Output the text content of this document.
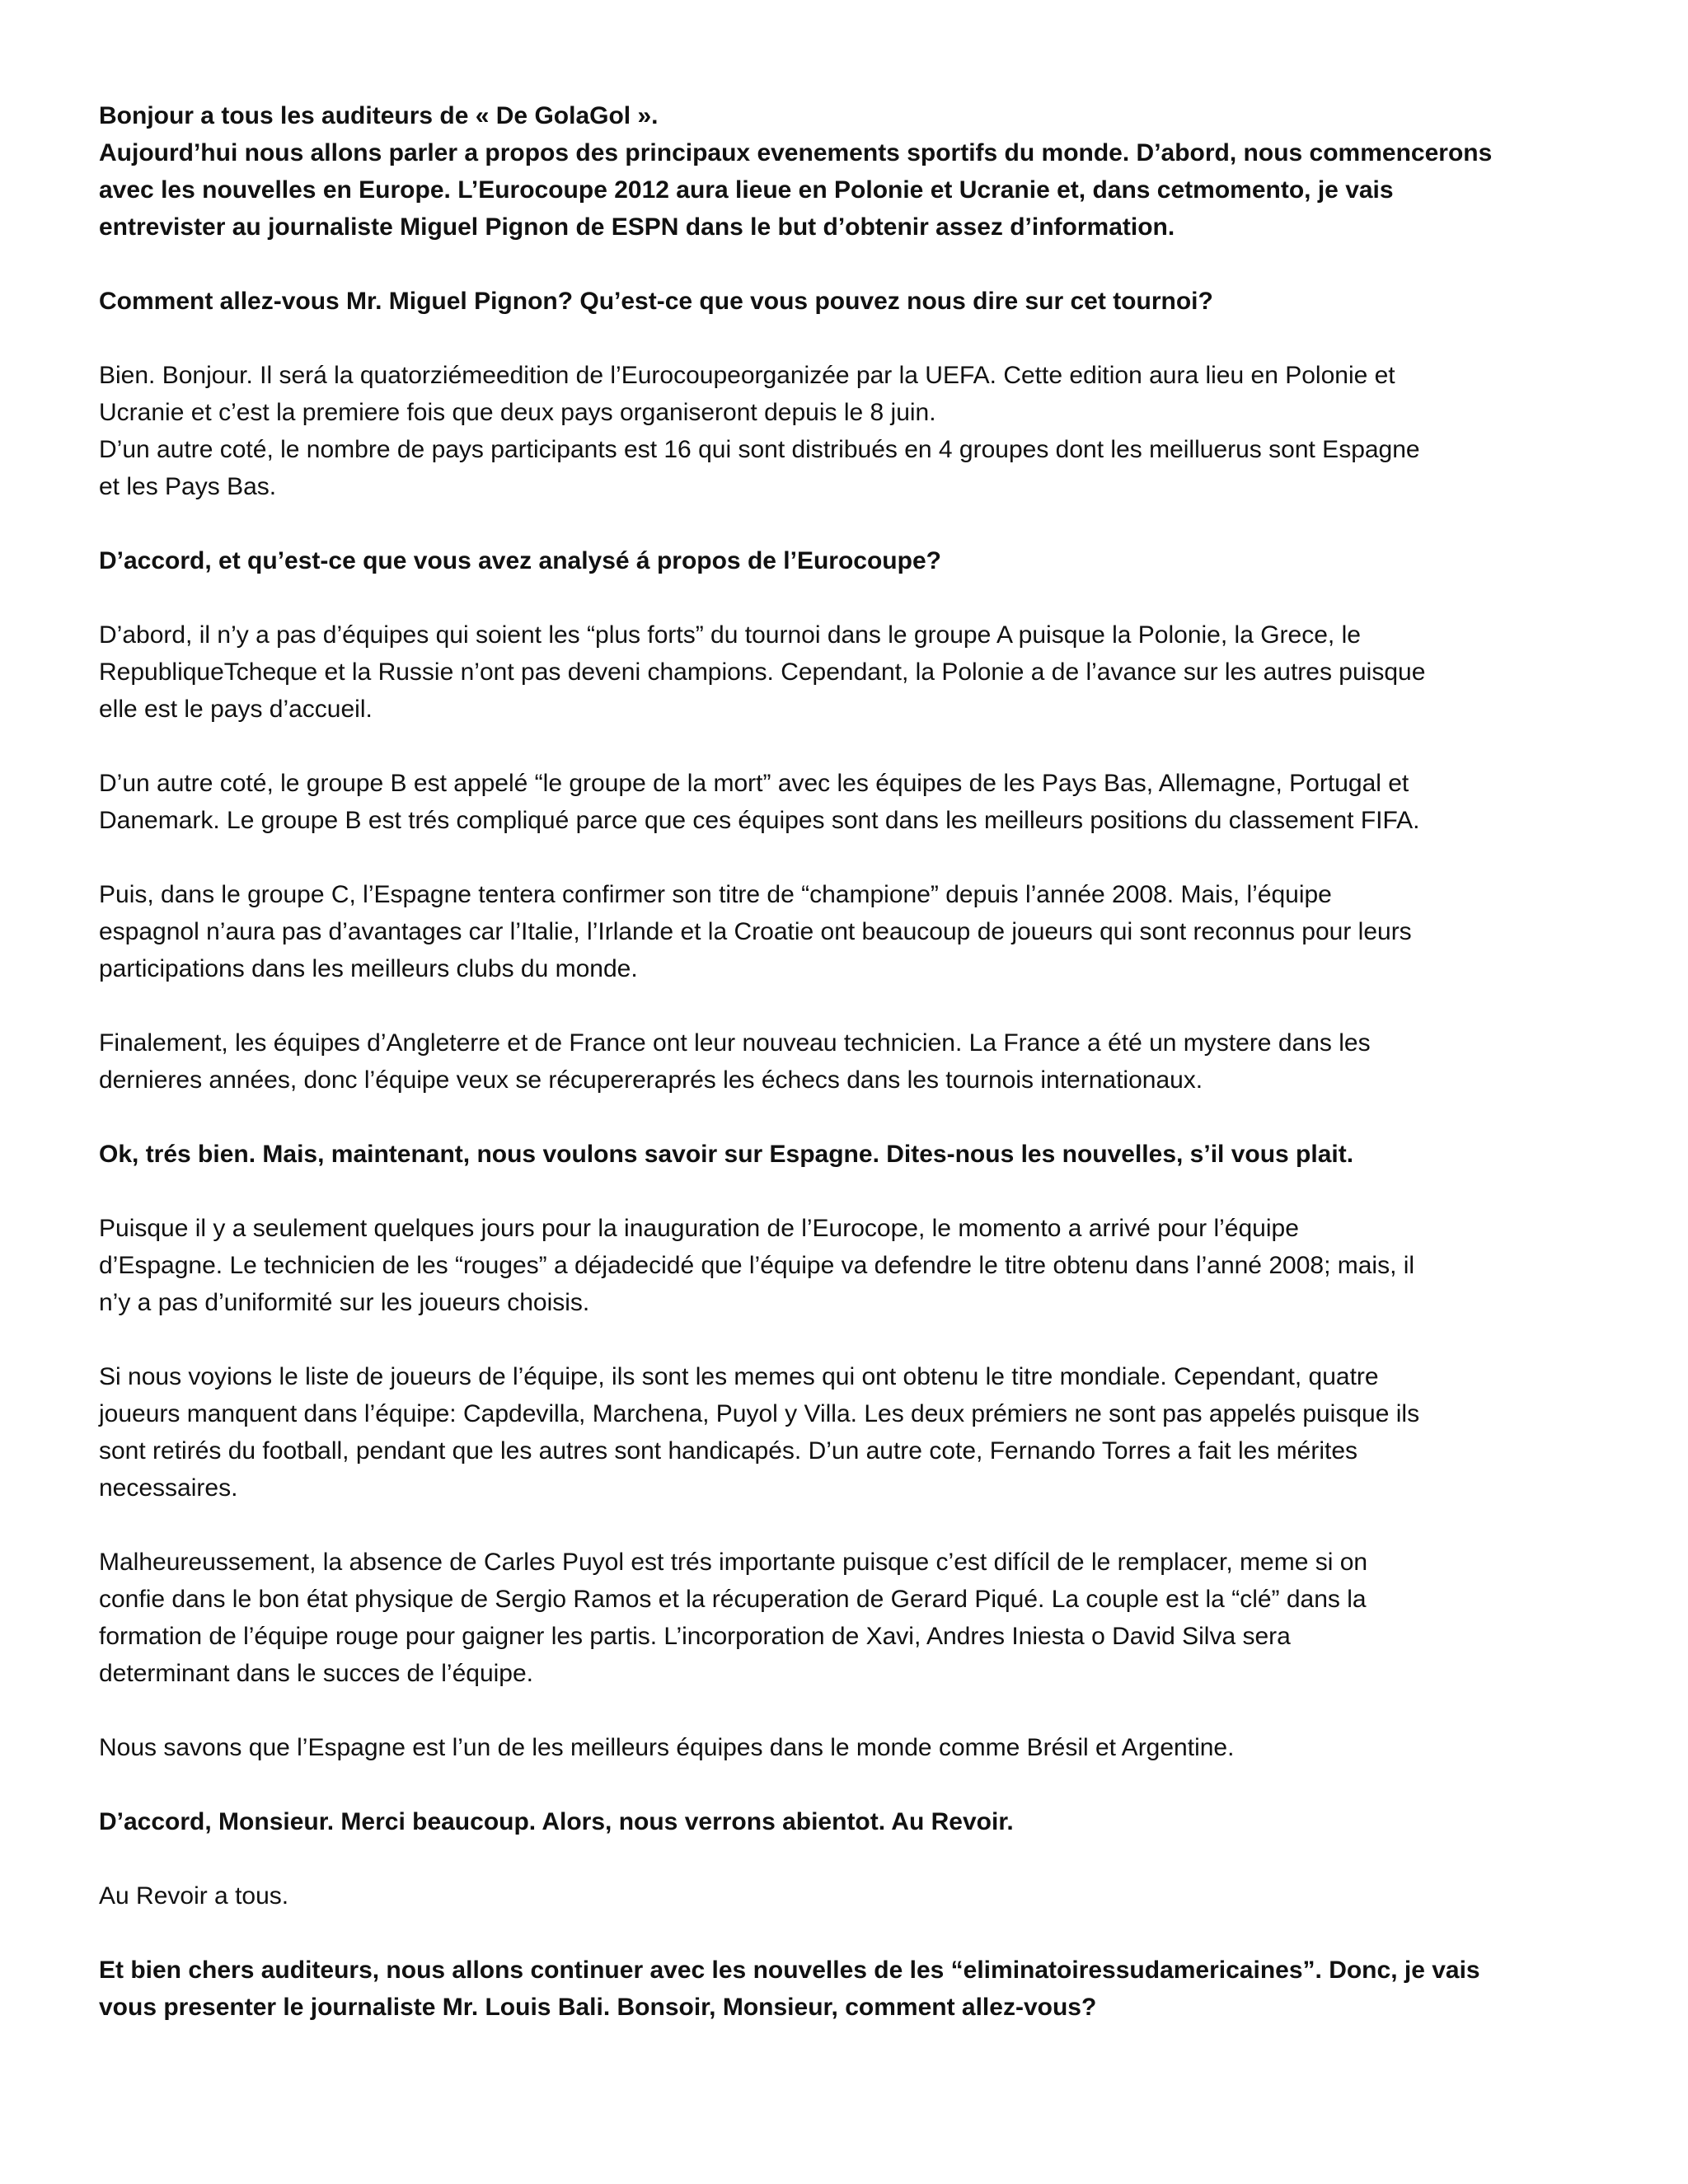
Bonjour a tous les auditeurs de « De GolaGol ».
Aujourd’hui nous allons parler a propos des principaux evenements sportifs du monde. D’abord, nous commencerons
avec les nouvelles en Europe. L’Eurocoupe 2012 aura lieue en Polonie et Ucranie et, dans cetmomento, je vais
entrevister au journaliste Miguel Pignon de ESPN dans le but d’obtenir assez d’information.
Comment allez-vous Mr. Miguel Pignon? Qu’est-ce que vous pouvez nous dire sur cet tournoi?
Bien. Bonjour. Il será la quatorziémeedition de l’Eurocoupeorganizée par la UEFA. Cette edition aura lieu en Polonie et
Ucranie et c’est la premiere fois que deux pays organiseront depuis le 8 juin.
D’un autre coté, le nombre de pays participants est 16 qui sont distribués en 4 groupes dont les meilluerus sont Espagne
et les Pays Bas.
D’accord, et qu’est-ce que vous avez analysé á propos de l’Eurocoupe?
D’abord, il n’y a pas d’équipes qui soient les “plus forts” du tournoi dans le groupe A puisque la Polonie, la Grece, le
RepubliqueTcheque et la Russie n’ont pas deveni champions. Cependant, la Polonie a de l’avance sur les autres puisque
elle est le pays d’accueil.
D’un autre coté, le groupe B est appelé “le groupe de la mort” avec les équipes de les Pays Bas, Allemagne, Portugal et
Danemark. Le groupe B est trés compliqué parce que ces équipes sont dans les meilleurs positions du classement FIFA.
Puis, dans le groupe C, l’Espagne tentera confirmer son titre de “champione” depuis l’année 2008. Mais, l’équipe
espagnol n’aura pas d’avantages car l’Italie, l’Irlande et la Croatie ont beaucoup de joueurs qui sont reconnus pour leurs
participations dans les meilleurs clubs du monde.
Finalement, les équipes d’Angleterre et de France ont leur nouveau technicien. La France a été un mystere dans les
dernieres années, donc l’équipe veux se récupereraprés les échecs dans les tournois internationaux.
Ok, trés bien. Mais, maintenant, nous voulons savoir sur Espagne. Dites-nous les nouvelles, s’il vous plait.
Puisque il y a seulement quelques jours pour la inauguration de l’Eurocope, le momento a arrivé pour l’équipe
d’Espagne. Le technicien de les “rouges” a déjadecidé que l’équipe va defendre le titre obtenu dans l’anné 2008; mais, il
n’y a pas d’uniformité sur les joueurs choisis.
Si nous voyions le liste de joueurs de l’équipe, ils sont les memes qui ont obtenu le titre mondiale. Cependant, quatre
joueurs manquent dans l’équipe: Capdevilla, Marchena, Puyol y Villa. Les deux prémiers ne sont pas appelés puisque ils
sont retirés du football, pendant que les autres sont handicapés. D’un autre cote, Fernando Torres a fait les mérites
necessaires.
Malheureussement, la absence de Carles Puyol est trés importante puisque c’est difícil de le remplacer, meme si on
confie dans le bon état physique de Sergio Ramos et la récuperation de Gerard Piqué. La couple est la “clé” dans la
formation de l’équipe rouge pour gaigner les partis. L’incorporation de Xavi, Andres Iniesta o David Silva sera
determinant dans le succes de l’équipe.
Nous savons que l’Espagne est l’un de les meilleurs équipes dans le monde comme Brésil et Argentine.
D’accord, Monsieur. Merci beaucoup. Alors, nous verrons abientot. Au Revoir.
Au Revoir a tous.
Et bien chers auditeurs, nous allons continuer avec les nouvelles de les “eliminatoiressudamericaines”. Donc, je vais
vous presenter le journaliste Mr. Louis Bali. Bonsoir, Monsieur, comment allez-vous?
